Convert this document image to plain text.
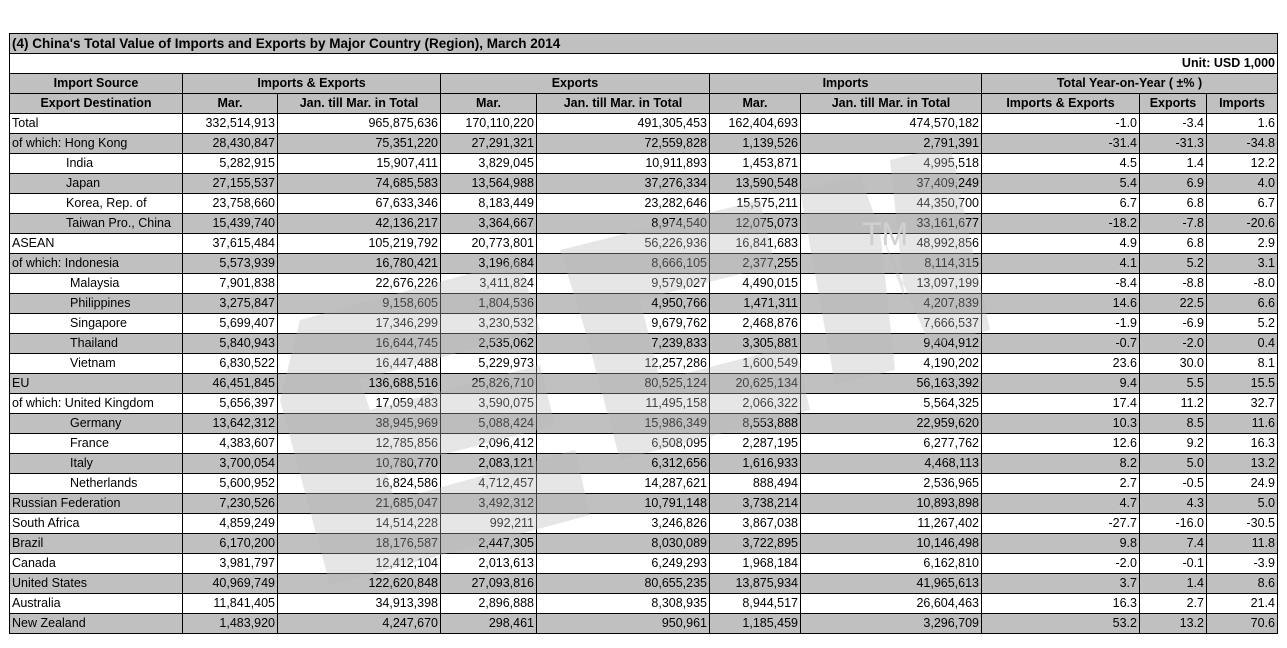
(4) China's Total Value of Imports and Exports by Major Country (Region), March 2014									
Unit: USD 1,000									
Import Source	Imports & Exports		Exports		Imports		Total Year-on-Year ( ±% )		
Export Destination	Mar.	Jan. till Mar. in Total	Mar.	Jan. till Mar. in Total	Mar.	Jan. till Mar. in Total	Imports & Exports	Exports	Imports
Total	332,514,913	965,875,636	170,110,220	491,305,453	162,404,693	474,570,182	-1.0	-3.4	1.6
of which: Hong Kong	28,430,847	75,351,220	27,291,321	72,559,828	1,139,526	2,791,391	-31.4	-31.3	-34.8
India	5,282,915	15,907,411	3,829,045	10,911,893	1,453,871	4,995,518	4.5	1.4	12.2
Japan	27,155,537	74,685,583	13,564,988	37,276,334	13,590,548	37,409,249	5.4	6.9	4.0
Korea, Rep. of	23,758,660	67,633,346	8,183,449	23,282,646	15,575,211	44,350,700	6.7	6.8	6.7
Taiwan Pro., China	15,439,740	42,136,217	3,364,667	8,974,540	12,075,073	33,161,677	-18.2	-7.8	-20.6
ASEAN	37,615,484	105,219,792	20,773,801	56,226,936	16,841,683	48,992,856	4.9	6.8	2.9
of which: Indonesia	5,573,939	16,780,421	3,196,684	8,666,105	2,377,255	8,114,315	4.1	5.2	3.1
Malaysia	7,901,838	22,676,226	3,411,824	9,579,027	4,490,015	13,097,199	-8.4	-8.8	-8.0
Philippines	3,275,847	9,158,605	1,804,536	4,950,766	1,471,311	4,207,839	14.6	22.5	6.6
Singapore	5,699,407	17,346,299	3,230,532	9,679,762	2,468,876	7,666,537	-1.9	-6.9	5.2
Thailand	5,840,943	16,644,745	2,535,062	7,239,833	3,305,881	9,404,912	-0.7	-2.0	0.4
Vietnam	6,830,522	16,447,488	5,229,973	12,257,286	1,600,549	4,190,202	23.6	30.0	8.1
EU	46,451,845	136,688,516	25,826,710	80,525,124	20,625,134	56,163,392	9.4	5.5	15.5
of which: United Kingdom	5,656,397	17,059,483	3,590,075	11,495,158	2,066,322	5,564,325	17.4	11.2	32.7
Germany	13,642,312	38,945,969	5,088,424	15,986,349	8,553,888	22,959,620	10.3	8.5	11.6
France	4,383,607	12,785,856	2,096,412	6,508,095	2,287,195	6,277,762	12.6	9.2	16.3
Italy	3,700,054	10,780,770	2,083,121	6,312,656	1,616,933	4,468,113	8.2	5.0	13.2
Netherlands	5,600,952	16,824,586	4,712,457	14,287,621	888,494	2,536,965	2.7	-0.5	24.9
Russian Federation	7,230,526	21,685,047	3,492,312	10,791,148	3,738,214	10,893,898	4.7	4.3	5.0
South Africa	4,859,249	14,514,228	992,211	3,246,826	3,867,038	11,267,402	-27.7	-16.0	-30.5
Brazil	6,170,200	18,176,587	2,447,305	8,030,089	3,722,895	10,146,498	9.8	7.4	11.8
Canada	3,981,797	12,412,104	2,013,613	6,249,293	1,968,184	6,162,810	-2.0	-0.1	-3.9
United States	40,969,749	122,620,848	27,093,816	80,655,235	13,875,934	41,965,613	3.7	1.4	8.6
Australia	11,841,405	34,913,398	2,896,888	8,308,935	8,944,517	26,604,463	16.3	2.7	21.4
New Zealand	1,483,920	4,247,670	298,461	950,961	1,185,459	3,296,709	53.2	13.2	70.6
TM
